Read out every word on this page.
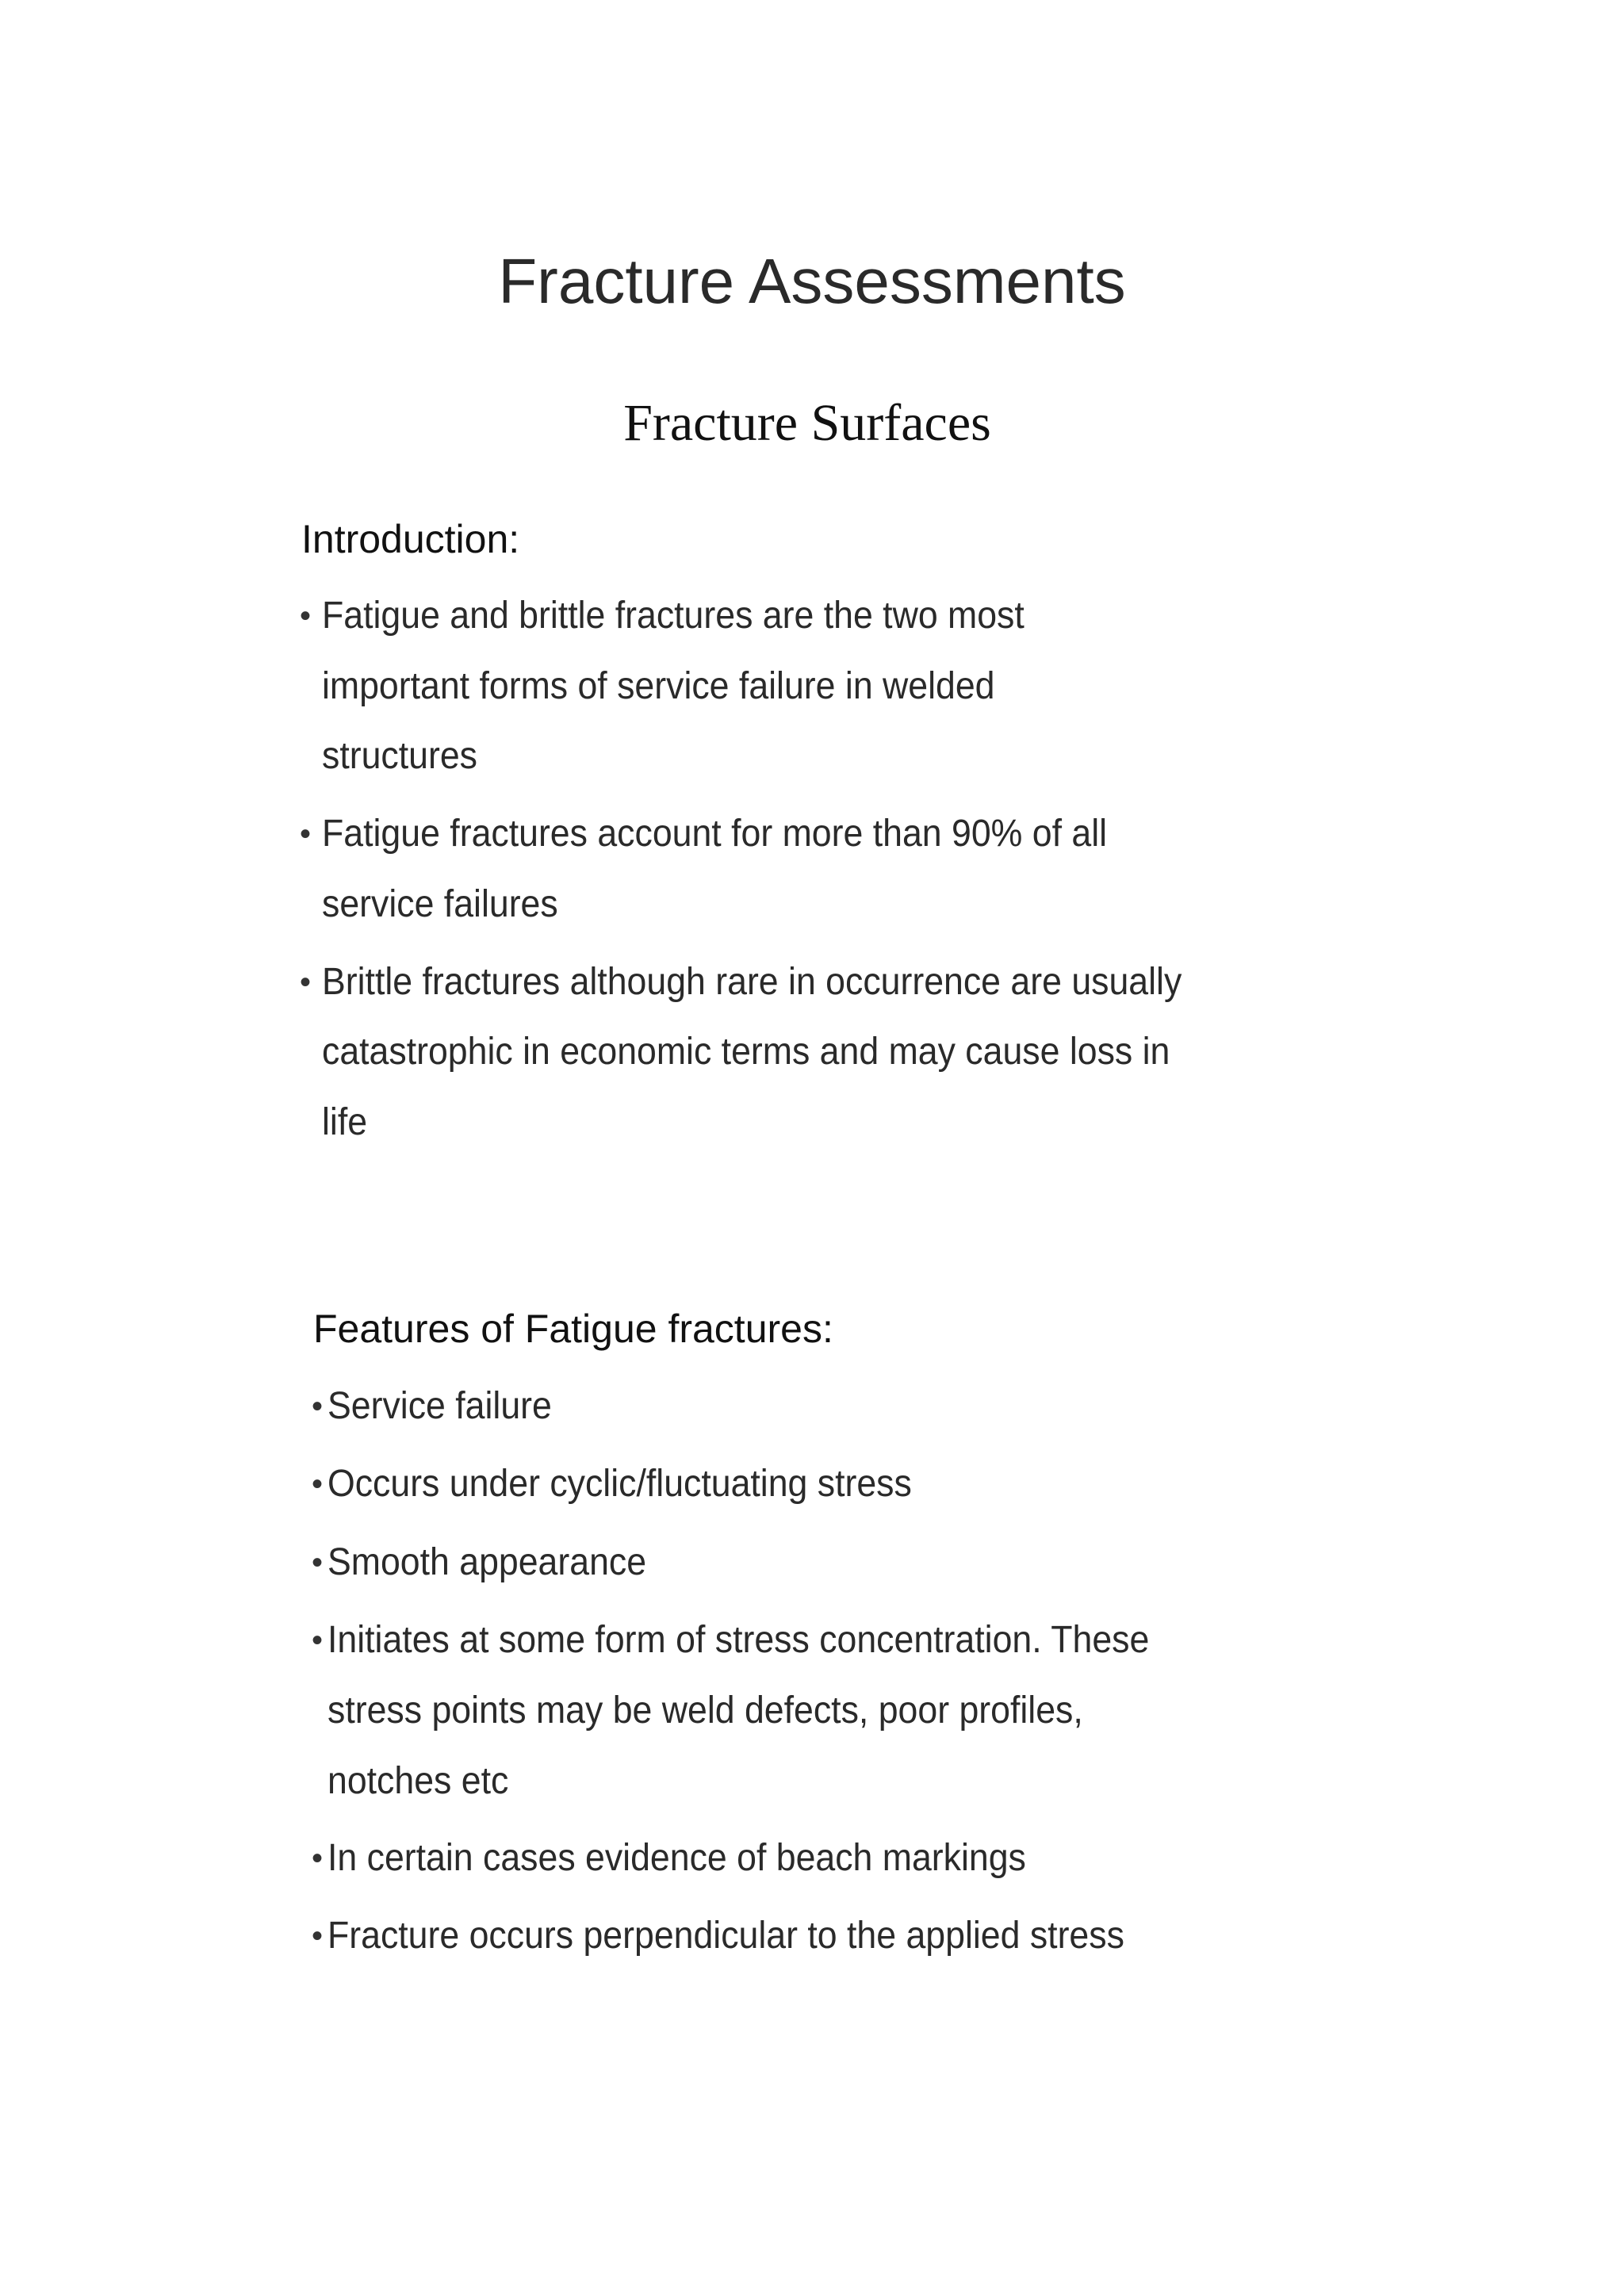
Fracture Assessments
Fracture Surfaces
Introduction:
• Fatigue and brittle fractures are the two most
important forms of service failure in welded
structures
• Fatigue fractures account for more than 90% of all
service failures
• Brittle fractures although rare in occurrence are usually
catastrophic in economic terms and may cause loss in
life
Features of Fatigue fractures:
• Service failure
• Occurs under cyclic/fluctuating stress
• Smooth appearance
• Initiates at some form of stress concentration. These
stress points may be weld defects, poor profiles,
notches etc
• In certain cases evidence of beach markings
• Fracture occurs perpendicular to the applied stress
